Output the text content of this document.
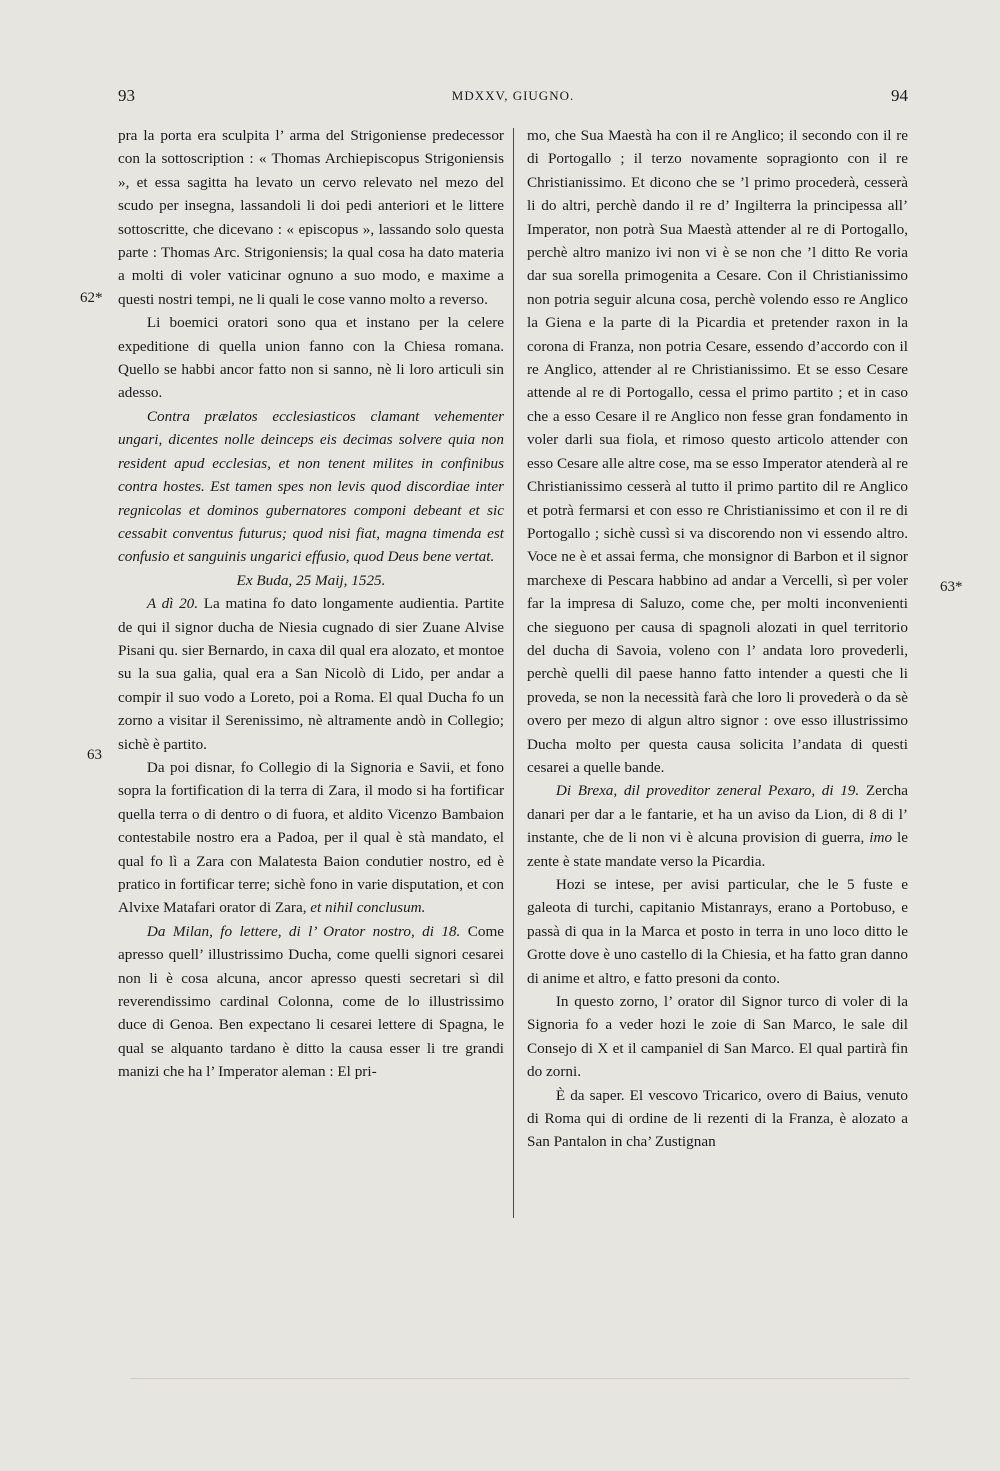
93	MDXXV, GIUGNO.	94
62*
63
63*

pra la porta era sculpita l’ arma del Strigoniense predecessor con la sottoscription : « Thomas Archiepiscopus Strigoniensis », et essa sagitta ha levato un cervo relevato nel mezo del scudo per insegna, lassandoli li doi pedi anteriori et le littere sottoscritte, che dicevano : « episcopus », lassando solo questa parte : Thomas Arc. Strigoniensis; la qual cosa ha dato materia a molti di voler vaticinar ognuno a suo modo, e maxime a questi nostri tempi, ne li quali le cose vanno molto a reverso.

Li boemici oratori sono qua et instano per la celere expeditione di quella union fanno con la Chiesa romana. Quello se habbi ancor fatto non si sanno, nè li loro articuli sin adesso.

Contra prælatos ecclesiasticos clamant vehementer ungari, dicentes nolle deinceps eis decimas solvere quia non resident apud ecclesias, et non tenent milites in confinibus contra hostes. Est tamen spes non levis quod discordiae inter regnicolas et dominos gubernatores componi debeant et sic cessabit conventus futurus; quod nisi fiat, magna timenda est confusio et sanguinis ungarici effusio, quod Deus bene vertat.

Ex Buda, 25 Maij, 1525.

A dì 20. La matina fo dato longamente audientia. Partite de qui il signor ducha de Niesia cugnado di sier Zuane Alvise Pisani qu. sier Bernardo, in caxa dil qual era alozato, et montoe su la sua galia, qual era a San Nicolò di Lido, per andar a compir il suo vodo a Loreto, poi a Roma. El qual Ducha fo un zorno a visitar il Serenissimo, nè altramente andò in Collegio; sichè è partito.

Da poi disnar, fo Collegio di la Signoria e Savii, et fono sopra la fortification di la terra di Zara, il modo si ha fortificar quella terra o di dentro o di fuora, et aldito Vicenzo Bambaion contestabile nostro era a Padoa, per il qual è stà mandato, el qual fo lì a Zara con Malatesta Baion condutier nostro, ed è pratico in fortificar terre; sichè fono in varie disputation, et con Alvixe Matafari orator di Zara, et nihil conclusum.

Da Milan, fo lettere, di l’ Orator nostro, di 18. Come apresso quell’ illustrissimo Ducha, come quelli signori cesarei non li è cosa alcuna, ancor apresso questi secretari sì dil reverendissimo cardinal Colonna, come de lo illustrissimo duce di Genoa. Ben expectano li cesarei lettere di Spagna, le qual se alquanto tardano è ditto la causa esser li tre grandi manizi che ha l’ Imperator aleman : El pri-

mo, che Sua Maestà ha con il re Anglico; il secondo con il re di Portogallo ; il terzo novamente sopragionto con il re Christianissimo. Et dicono che se ’l primo procederà, cesserà li do altri, perchè dando il re d’ Ingilterra la principessa all’ Imperator, non potrà Sua Maestà attender al re di Portogallo, perchè altro manizo ivi non vi è se non che ’l ditto Re voria dar sua sorella primogenita a Cesare. Con il Christianissimo non potria seguir alcuna cosa, perchè volendo esso re Anglico la Giena e la parte di la Picardia et pretender raxon in la corona di Franza, non potria Cesare, essendo d’accordo con il re Anglico, attender al re Christianissimo. Et se esso Cesare attende al re di Portogallo, cessa el primo partito ; et in caso che a esso Cesare il re Anglico non fesse gran fondamento in voler darli sua fiola, et rimoso questo articolo attender con esso Cesare alle altre cose, ma se esso Imperator atenderà al re Christianissimo cesserà al tutto il primo partito dil re Anglico et potrà fermarsi et con esso re Christianissimo et con il re di Portogallo ; sichè cussì si va discorendo non vi essendo altro. Voce ne è et assai ferma, che monsignor di Barbon et il signor marchexe di Pescara habbino ad andar a Vercelli, sì per voler far la impresa di Saluzo, come che, per molti inconvenienti che sieguono per causa di spagnoli alozati in quel territorio del ducha di Savoia, voleno con l’ andata loro provederli, perchè quelli dil paese hanno fatto intender a questi che li proveda, se non la necessità farà che loro li provederà o da sè overo per mezo di algun altro signor : ove esso illustrissimo Ducha molto per questa causa solicita l’andata di questi cesarei a quelle bande.

Di Brexa, dil proveditor zeneral Pexaro, di 19. Zercha danari per dar a le fantarie, et ha un aviso da Lion, di 8 di l’ instante, che de li non vi è alcuna provision di guerra, imo le zente è state mandate verso la Picardia.

Hozi se intese, per avisi particular, che le 5 fuste e galeota di turchi, capitanio Mistanrays, erano a Portobuso, e passà di qua in la Marca et posto in terra in uno loco ditto le Grotte dove è uno castello di la Chiesia, et ha fatto gran danno di anime et altro, e fatto presoni da conto.

In questo zorno, l’ orator dil Signor turco di voler di la Signoria fo a veder hozi le zoie di San Marco, le sale dil Consejo di X et il campaniel di San Marco. El qual partirà fin do zorni.

È da saper. El vescovo Tricarico, overo di Baius, venuto di Roma qui di ordine de li rezenti di la Franza, è alozato a San Pantalon in cha’ Zustignan
